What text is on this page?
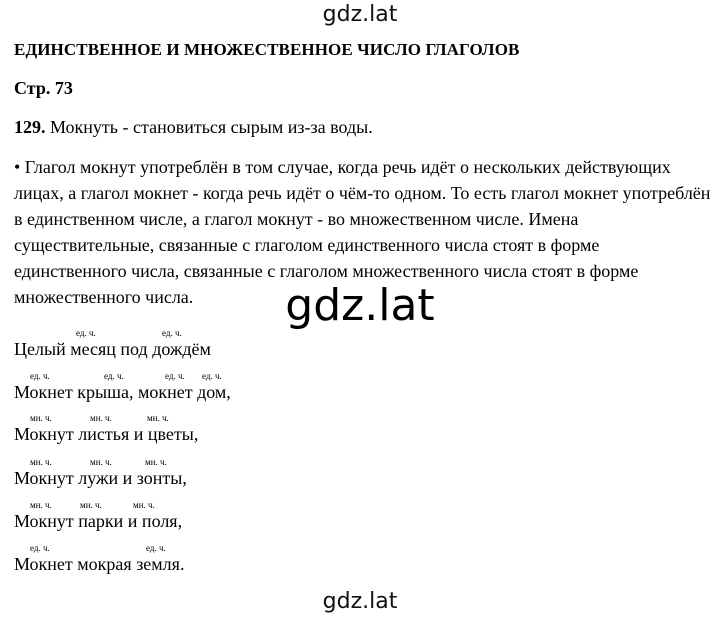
gdz.lat
ЕДИНСТВЕННОЕ И МНОЖЕСТВЕННОЕ ЧИСЛО ГЛАГОЛОВ
Стр. 73
129. Мокнуть - становиться сырым из-за воды.
• Глагол мокнут употреблён в том случае, когда речь идёт о нескольких действующих лицах, а глагол мокнет - когда речь идёт о чём-то одном. То есть глагол мокнет употреблён в единственном числе, а глагол мокнут - во множественном числе. Имена существительные, связанные с глаголом единственного числа стоят в форме единственного числа, связанные с глаголом множественного числа стоят в форме множественного числа.	gdz.lat
ед. ч.	ед. ч.
Целый месяц под дождём
ед. ч.	ед. ч.	ед. ч. ед. ч.
Мокнет крыша, мокнет дом,
мн. ч.	мн. ч.	мн. ч.
Мокнут листья и цветы,
мн. ч.	мн. ч.	мн. ч.
Мокнут лужи и зонты,
мн. ч.	мн. ч.	мн. ч.
Мокнут парки и поля,
ед. ч.	ед. ч.
Мокнет мокрая земля.
gdz.lat
